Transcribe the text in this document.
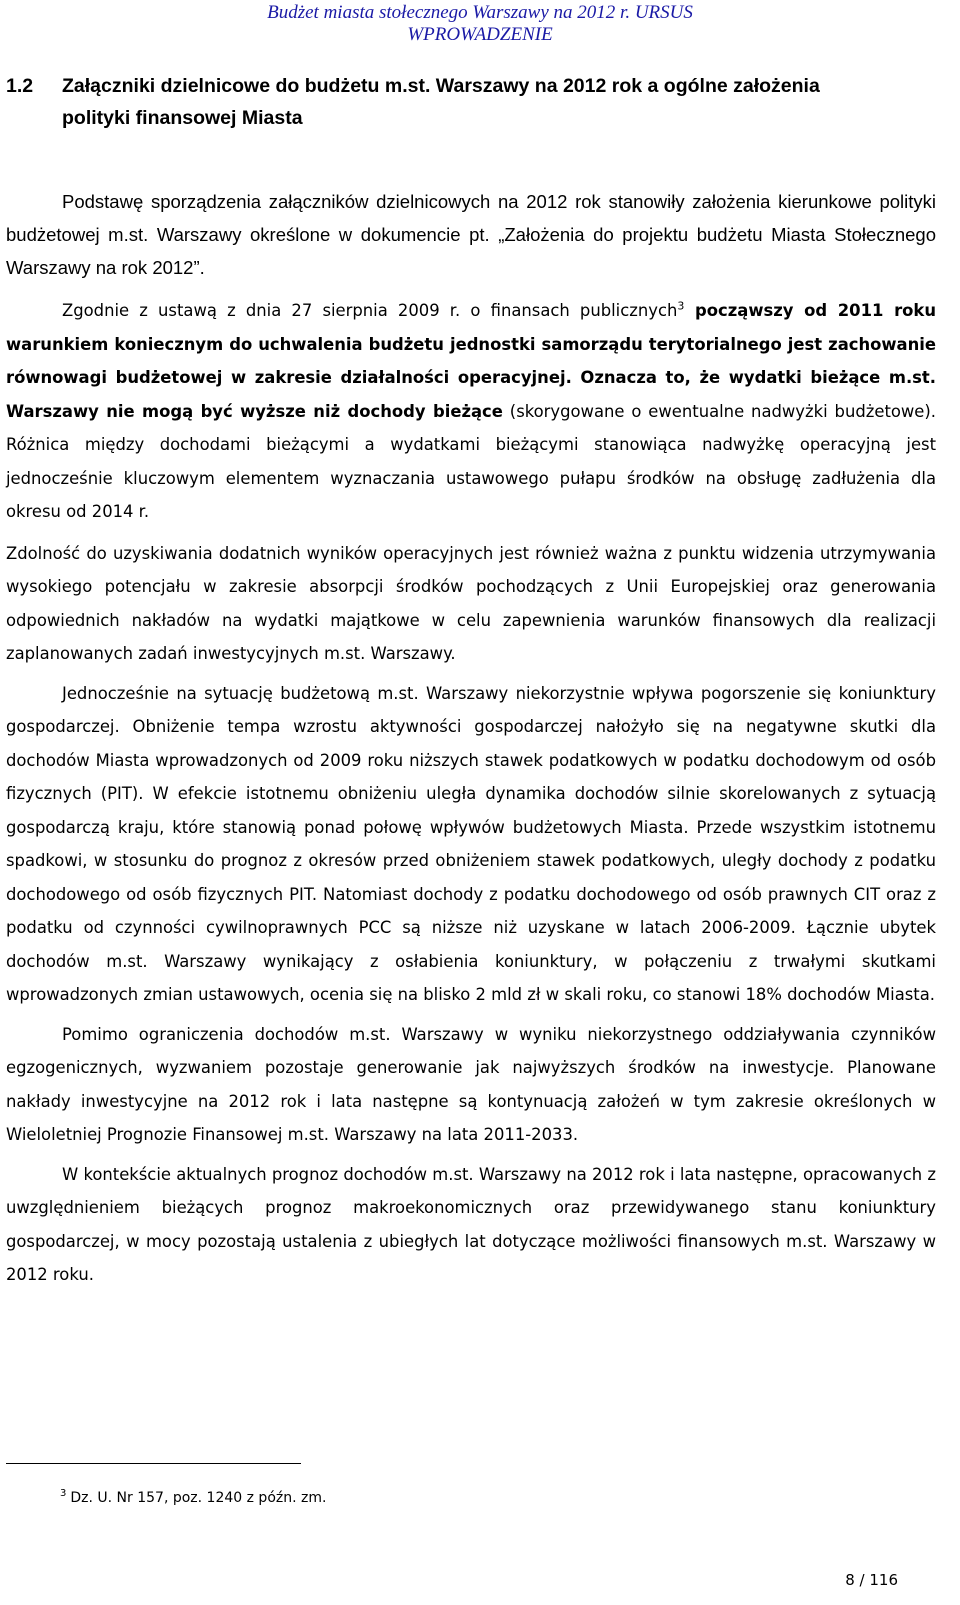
Budżet miasta stołecznego Warszawy na 2012 r. URSUS
WPROWADZENIE
1.2 Załączniki dzielnicowe do budżetu m.st. Warszawy na 2012 rok a ogólne założenia
polityki finansowej Miasta

Podstawę sporządzenia załączników dzielnicowych na 2012 rok stanowiły założenia kierunkowe polityki budżetowej m.st. Warszawy określone w dokumencie pt. „Założenia do projektu budżetu Miasta Stołecznego Warszawy na rok 2012”.

Zgodnie z ustawą z dnia 27 sierpnia 2009 r. o finansach publicznych$^3$ począwszy od 2011 roku warunkiem koniecznym do uchwalenia budżetu jednostki samorządu terytorialnego jest zachowanie równowagi budżetowej w zakresie działalności operacyjnej. Oznacza to, że wydatki bieżące m.st. Warszawy nie mogą być wyższe niż dochody bieżące (skorygowane o ewentualne nadwyżki budżetowe). Różnica między dochodami bieżącymi a wydatkami bieżącymi stanowiąca nadwyżkę operacyjną jest jednocześnie kluczowym elementem wyznaczania ustawowego pułapu środków na obsługę zadłużenia dla okresu od 2014 r.

Zdolność do uzyskiwania dodatnich wyników operacyjnych jest również ważna z punktu widzenia utrzymywania wysokiego potencjału w zakresie absorpcji środków pochodzących z Unii Europejskiej oraz generowania odpowiednich nakładów na wydatki majątkowe w celu zapewnienia warunków finansowych dla realizacji zaplanowanych zadań inwestycyjnych m.st. Warszawy.

Jednocześnie na sytuację budżetową m.st. Warszawy niekorzystnie wpływa pogorszenie się koniunktury gospodarczej. Obniżenie tempa wzrostu aktywności gospodarczej nałożyło się na negatywne skutki dla dochodów Miasta wprowadzonych od 2009 roku niższych stawek podatkowych w podatku dochodowym od osób fizycznych (PIT). W efekcie istotnemu obniżeniu uległa dynamika dochodów silnie skorelowanych z sytuacją gospodarczą kraju, które stanowią ponad połowę wpływów budżetowych Miasta. Przede wszystkim istotnemu spadkowi, w stosunku do prognoz z okresów przed obniżeniem stawek podatkowych, uległy dochody z podatku dochodowego od osób fizycznych PIT. Natomiast dochody z podatku dochodowego od osób prawnych CIT oraz z podatku od czynności cywilnoprawnych PCC są niższe niż uzyskane w latach 2006-2009. Łącznie ubytek dochodów m.st. Warszawy wynikający z osłabienia koniunktury, w połączeniu z trwałymi skutkami wprowadzonych zmian ustawowych, ocenia się na blisko 2 mld zł w skali roku, co stanowi 18% dochodów Miasta.

Pomimo ograniczenia dochodów m.st. Warszawy w wyniku niekorzystnego oddziaływania czynników egzogenicznych, wyzwaniem pozostaje generowanie jak najwyższych środków na inwestycje. Planowane nakłady inwestycyjne na 2012 rok i lata następne są kontynuacją założeń w tym zakresie określonych w Wieloletniej Prognozie Finansowej m.st. Warszawy na lata 2011-2033.

W kontekście aktualnych prognoz dochodów m.st. Warszawy na 2012 rok i lata następne, opracowanych z uwzględnieniem bieżących prognoz makroekonomicznych oraz przewidywanego stanu koniunktury gospodarczej, w mocy pozostają ustalenia z ubiegłych lat dotyczące możliwości finansowych m.st. Warszawy w 2012 roku.

$^3$ Dz. U. Nr 157, poz. 1240 z późn. zm.
8 / 116
